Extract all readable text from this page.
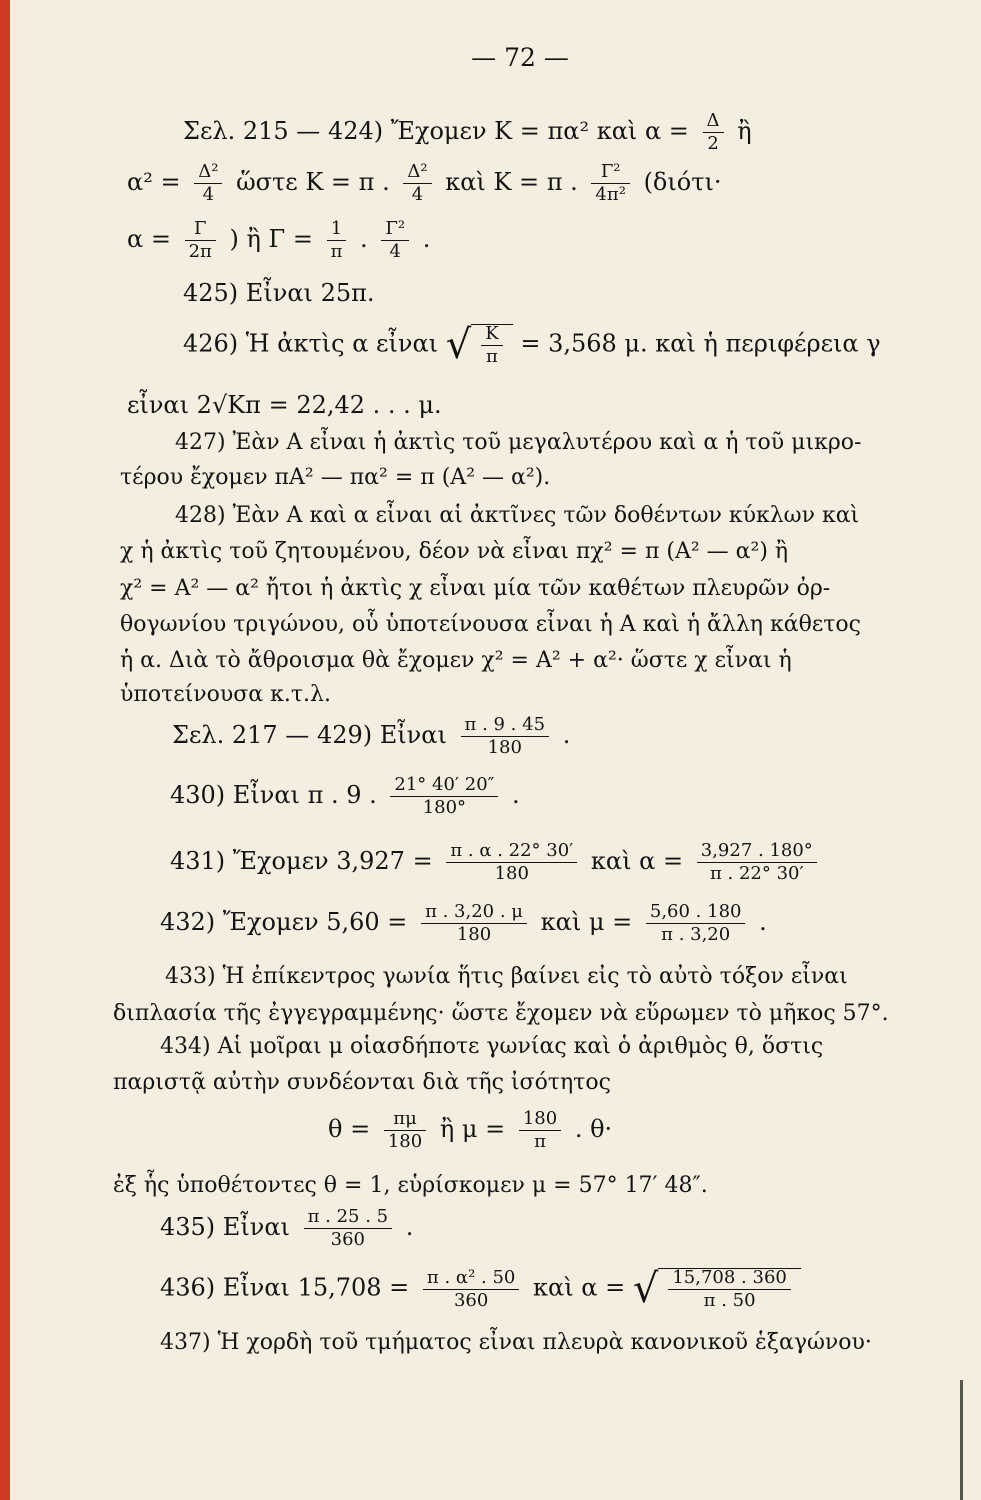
— 72 —
Σελ. 215 — 424) Ἔχομεν Κ = πα² καὶ $\alpha = \frac{\Delta}{2}$ ἢ
$\alpha^2 = \frac{\text{Δ²}}{4}$ ὥστε Κ = π . $\frac{\text{Δ²}}{4}$ καὶ Κ = π . $\frac{\text{Γ²}}{\text{4π²}} (\delta\iota ό\tau\iota\cdot$
$\alpha = \frac{\Gamma}{2\pi}$ ) ἢ $\Gamma = \frac{1}{\pi}$ . $\frac{\text{Γ²}}{4}$ .
425) Εἶναι 25π.
426) Ἡ ἀκτὶς α εἶναι √ $\frac{K}{\pi} = 3,568$ μ. καὶ ἡ περιφέρεια γ
εἶναι 2√Κπ = 22,42 . . . μ.
427) Ἐὰν Α εἶναι ἡ ἀκτὶς τοῦ μεγαλυτέρου καὶ α ἡ τοῦ μικρο-
τέρου ἔχομεν πΑ² — πα² = π (Α² — α²).
428) Ἐὰν Α καὶ α εἶναι αἱ ἀκτῖνες τῶν δοθέντων κύκλων καὶ
χ ἡ ἀκτὶς τοῦ ζητουμένου, δέον νὰ εἶναι πχ² = π (Α² — α²) ἢ
χ² = Α² — α² ἤτοι ἡ ἀκτὶς χ εἶναι μία τῶν καθέτων πλευρῶν ὀρ-
θογωνίου τριγώνου, οὗ ὑποτείνουσα εἶναι ἡ Α καὶ ἡ ἄλλη κάθετος
ἡ α. Διὰ τὸ ἄθροισμα θὰ ἔχομεν χ² = Α² + α²· ὥστε χ εἶναι ἡ
ὑποτείνουσα κ.τ.λ.
Σελ. 217 — 429) Εἶναι $\frac{\pi . 9 . 45}{180}$ .
430) Εἶναι π . 9 . $\frac{21^\circ 40' 20''}{180^\circ}$ .
431) Ἔχομεν $3,927 = \frac{\pi . \alpha . 22^\circ 30'}{180}$ καὶ $\alpha = \frac{3,927 . 180^\circ}{\pi . 22^\circ 30'}$
432) Ἔχομεν $5,60 = \frac{\pi . 3,20 . \mu}{180}$ καὶ $\mu = \frac{5,60 . 180}{\pi . 3,20}$ .
433) Ἡ ἐπίκεντρος γωνία ἥτις βαίνει εἰς τὸ αὐτὸ τόξον εἶναι
διπλασία τῆς ἐγγεγραμμένης· ὥστε ἔχομεν νὰ εὕρωμεν τὸ μῆκος 57°.
434) Αἱ μοῖραι μ οἱασδήποτε γωνίας καὶ ὁ ἀριθμὸς θ, ὅστις
παριστᾷ αὐτὴν συνδέονται διὰ τῆς ἰσότητος
$\theta = \frac{\pi\mu}{180}$ ἢ $\mu = \frac{180}{\pi}$ . θ·
ἐξ ἧς ὑποθέτοντες θ = 1, εὑρίσκομεν μ = 57° 17′ 48″.
435) Εἶναι $\frac{\pi . 25 . 5}{360}$ .
436) Εἶναι $15,708 = \frac{\text{π . α² . 50}}{360}$ καὶ α = √ $\frac{15,708 . 360}{\pi . 50}$
437) Ἡ χορδὴ τοῦ τμήματος εἶναι πλευρὰ κανονικοῦ ἑξαγώνου·
